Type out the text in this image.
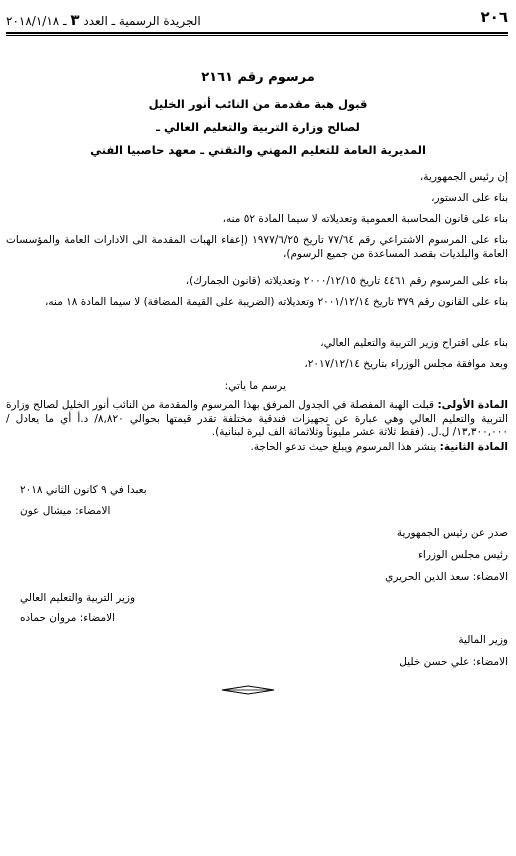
٢٠٦
الجريدة الرسمية ـ العدد ٣ ـ ٢٠١٨/١/١٨
مرسوم رقم ٢١٦١
قبول هبة مقدمة من النائب أنور الخليل
لصالح وزارة التربية والتعليم العالي ـ
المديرية العامة للتعليم المهني والتقني ـ معهد حاصبيا الفني
إن رئيس الجمهورية،
بناء على الدستور،
بناء على قانون المحاسبة العمومية وتعديلاته لا سيما المادة ٥٢ منه،
بناء على المرسوم الاشتراعي رقم ٧٧/٦٤ تاريخ ١٩٧٧/٦/٢٥ (إعفاء الهبات المقدمة الى الادارات العامة والمؤسسات العامة والبلديات بقصد المساعدة من جميع الرسوم)،
بناء على المرسوم رقم ٤٤٦١ تاريخ ٢٠٠٠/١٢/١٥ وتعديلاته (قانون الجمارك)،
بناء على القانون رقم ٣٧٩ تاريخ ٢٠٠١/١٢/١٤ وتعديلاته (الضريبة على القيمة المضافة) لا سيما المادة ١٨ منه،
بناء على اقتراح وزير التربية والتعليم العالي،
وبعد موافقة مجلس الوزراء بتاريخ ٢٠١٧/١٢/١٤،
يرسم ما يأتي:
المادة الأولى: قبلت الهبة المفصلة في الجدول المرفق بهذا المرسوم والمقدمة من النائب أنور الخليل لصالح وزارة التربية والتعليم العالي وهي عبارة عن تجهيزات فندقية مختلفة تقدر قيمتها بحوالي ٨,٨٢٠/ د.أ أي ما يعادل /١٣,٣٠٠,٠٠٠/ ل.ل. (فقط ثلاثة عشر مليوناً وثلاثمائة الف ليرة لبنانية).
المادة الثانية: ينشر هذا المرسوم ويبلغ حيث تدعو الحاجة.
بعبدا في ٩ كانون الثاني ٢٠١٨
الامضاء: ميشال عون
صدر عن رئيس الجمهورية
رئيس مجلس الوزراء
الامضاء: سعد الدين الحريري
وزير التربية والتعليم العالي
الامضاء: مروان حماده
وزير المالية
الامضاء: علي حسن خليل
